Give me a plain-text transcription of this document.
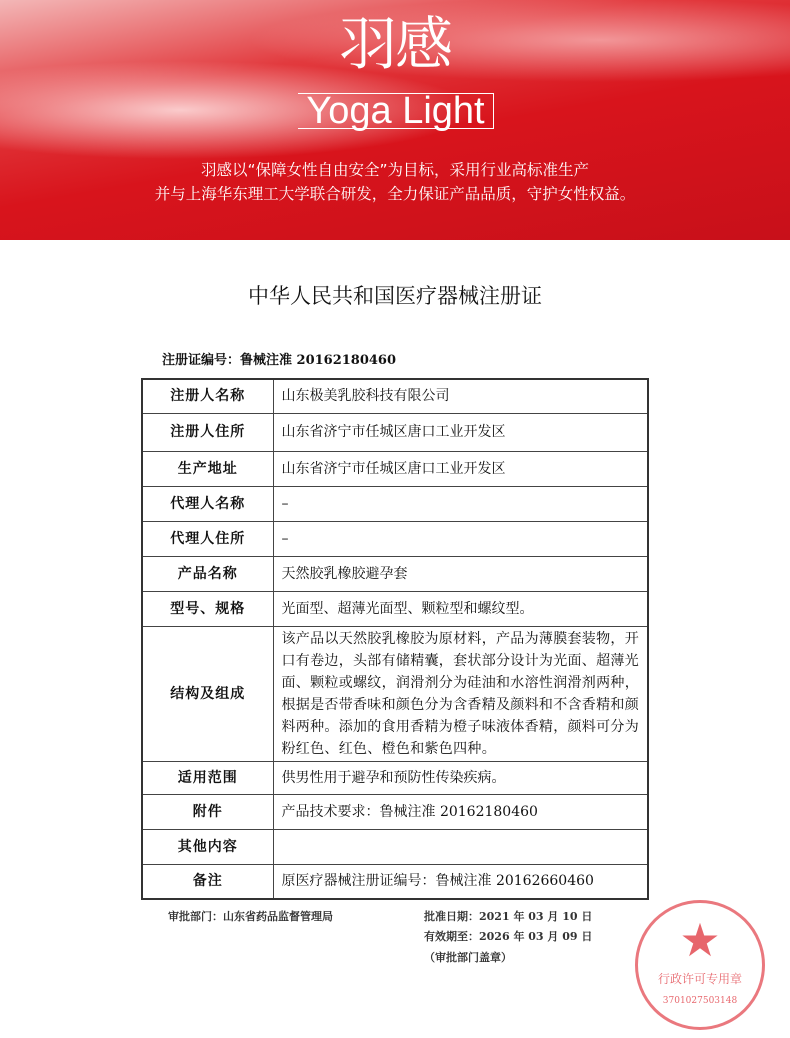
羽感
Yoga Light
羽感以“保障女性自由安全”为目标，采用行业高标准生产
并与上海华东理工大学联合研发，全力保证产品品质，守护女性权益。
中华人民共和国医疗器械注册证
注册证编号：鲁械注准 20162180460
注册人名称	山东极美乳胶科技有限公司
注册人住所	山东省济宁市任城区唐口工业开发区
生产地址	山东省济宁市任城区唐口工业开发区
代理人名称	–
代理人住所	–
产品名称	天然胶乳橡胶避孕套
型号、规格	光面型、超薄光面型、颗粒型和螺纹型。
结构及组成	该产品以天然胶乳橡胶为原材料，产品为薄膜套装物，开口有卷边，头部有储精囊，套状部分设计为光面、超薄光面、颗粒或螺纹，润滑剂分为硅油和水溶性润滑剂两种，根据是否带香味和颜色分为含香精及颜料和不含香精和颜料两种。添加的食用香精为橙子味液体香精，颜料可分为粉红色、红色、橙色和紫色四种。
适用范围	供男性用于避孕和预防性传染疾病。
附件	产品技术要求：鲁械注准 20162180460
其他内容	
备注	原医疗器械注册证编号：鲁械注准 20162660460
审批部门：山东省药品监督管理局	批准日期：2021 年 03 月 10 日
有效期至：2026 年 03 月 09 日
（审批部门盖章）	★
行政许可专用章
3701027503148
